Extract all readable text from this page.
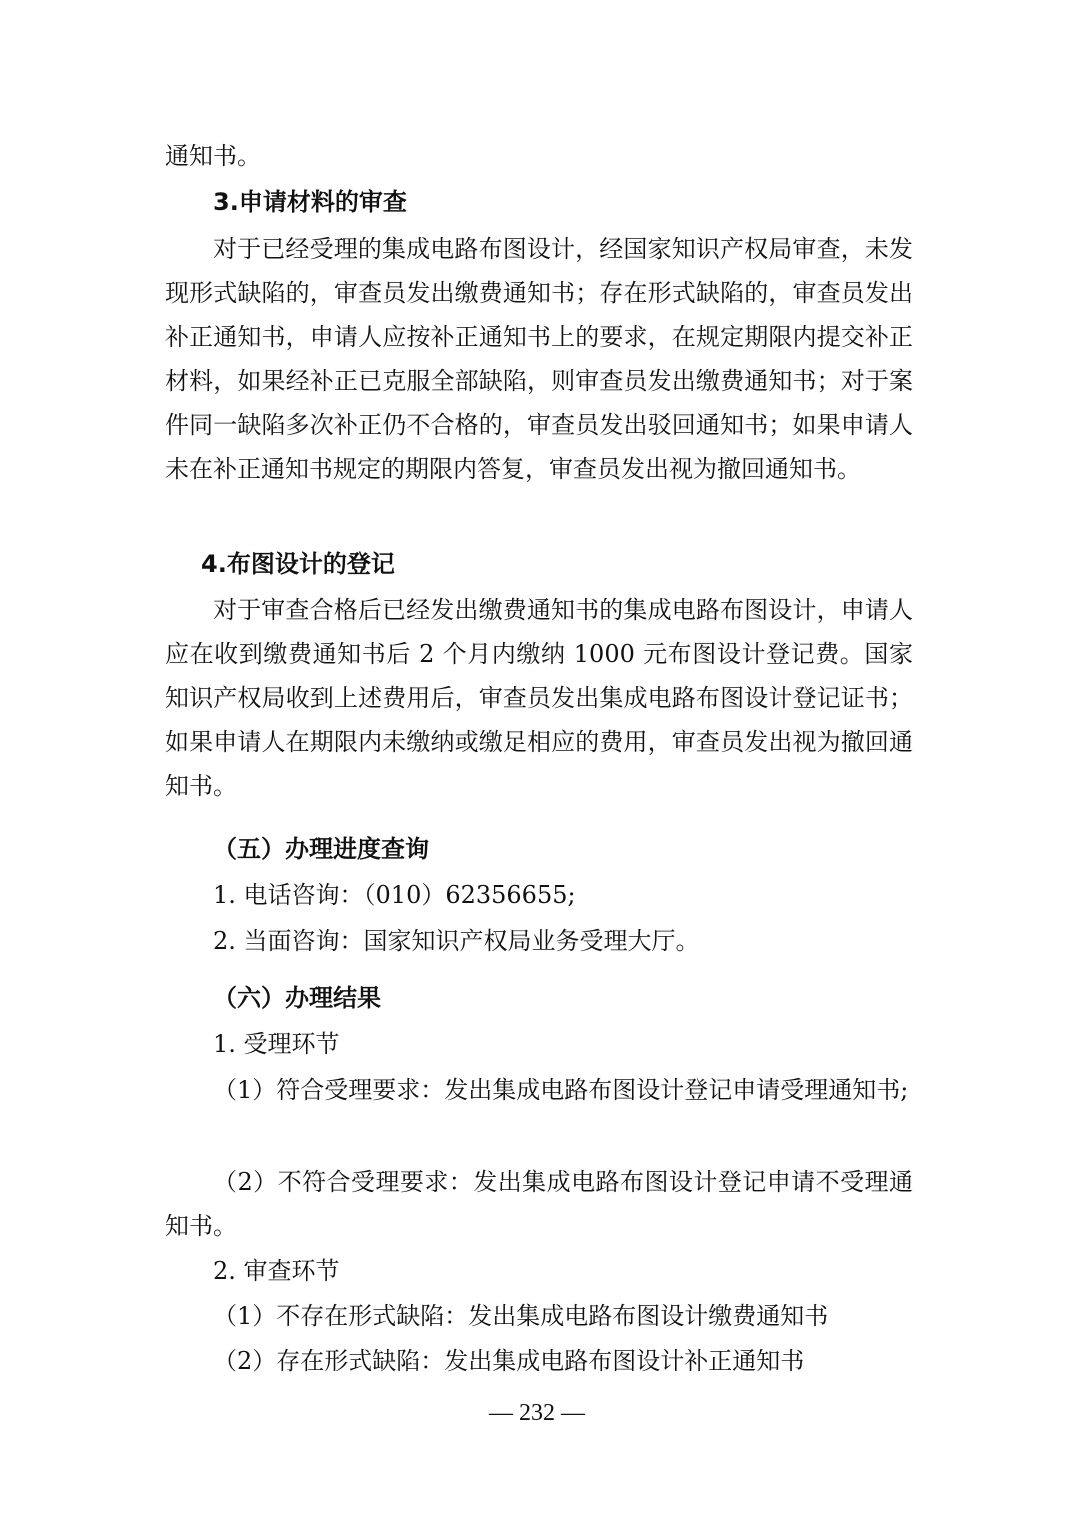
通知书。

3.申请材料的审查

对于已经受理的集成电路布图设计，经国家知识产权局审查，未发现形式缺陷的，审查员发出缴费通知书；存在形式缺陷的，审查员发出补正通知书，申请人应按补正通知书上的要求，在规定期限内提交补正材料，如果经补正已克服全部缺陷，则审查员发出缴费通知书；对于案件同一缺陷多次补正仍不合格的，审查员发出驳回通知书；如果申请人未在补正通知书规定的期限内答复，审查员发出视为撤回通知书。

4.布图设计的登记

对于审查合格后已经发出缴费通知书的集成电路布图设计，申请人应在收到缴费通知书后 2 个月内缴纳 1000 元布图设计登记费。国家知识产权局收到上述费用后，审查员发出集成电路布图设计登记证书；如果申请人在期限内未缴纳或缴足相应的费用，审查员发出视为撤回通知书。

（五）办理进度查询

1. 电话咨询：（010）62356655;

2. 当面咨询：国家知识产权局业务受理大厅。

（六）办理结果

1. 受理环节

（1）符合受理要求：发出集成电路布图设计登记申请受理通知书;

（2）不符合受理要求：发出集成电路布图设计登记申请不受理通知书。

2. 审查环节

（1）不存在形式缺陷：发出集成电路布图设计缴费通知书

（2）存在形式缺陷：发出集成电路布图设计补正通知书

— 232 —
